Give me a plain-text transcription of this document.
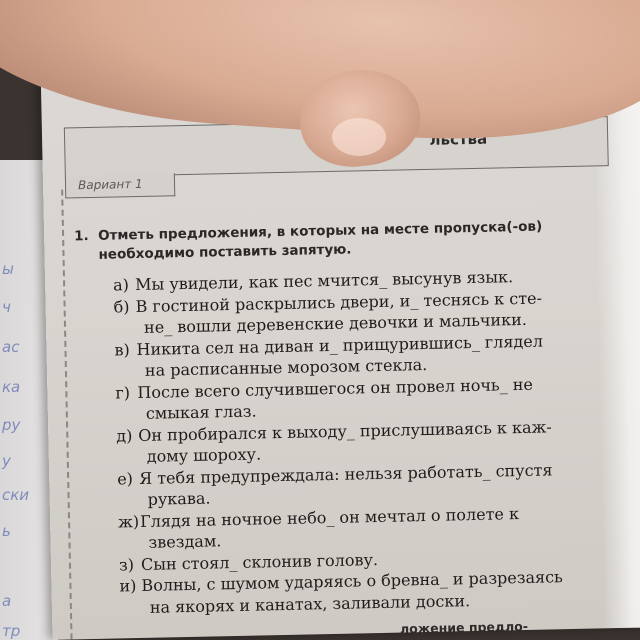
ы
ч
ас
ка
ру
у
ски
ь
а
тр
льства
Вариант 1
1. Отметь предложения, в которых на месте пропуска(-ов)
необходимо поставить запятую.
а) Мы увидели, как пес мчится_ высунув язык.
б) В гостиной раскрылись двери, и_ теснясь к сте-
не_ вошли деревенские девочки и мальчики.
в) Никита сел на диван и_ прищурившись_ глядел
на расписанные морозом стекла.
г) После всего случившегося он провел ночь_ не
смыкая глаз.
д) Он пробирался к выходу_ прислушиваясь к каж-
дому шороху.
е) Я тебя предупреждала: нельзя работать_ спустя
рукава.
ж) Глядя на ночное небо_ он мечтал о полете к
звездам.
з) Сын стоял_ склонив голову.
и) Волны, с шумом ударяясь о бревна_ и разрезаясь
на якорях и канатах, заливали доски.
ложение предло-
